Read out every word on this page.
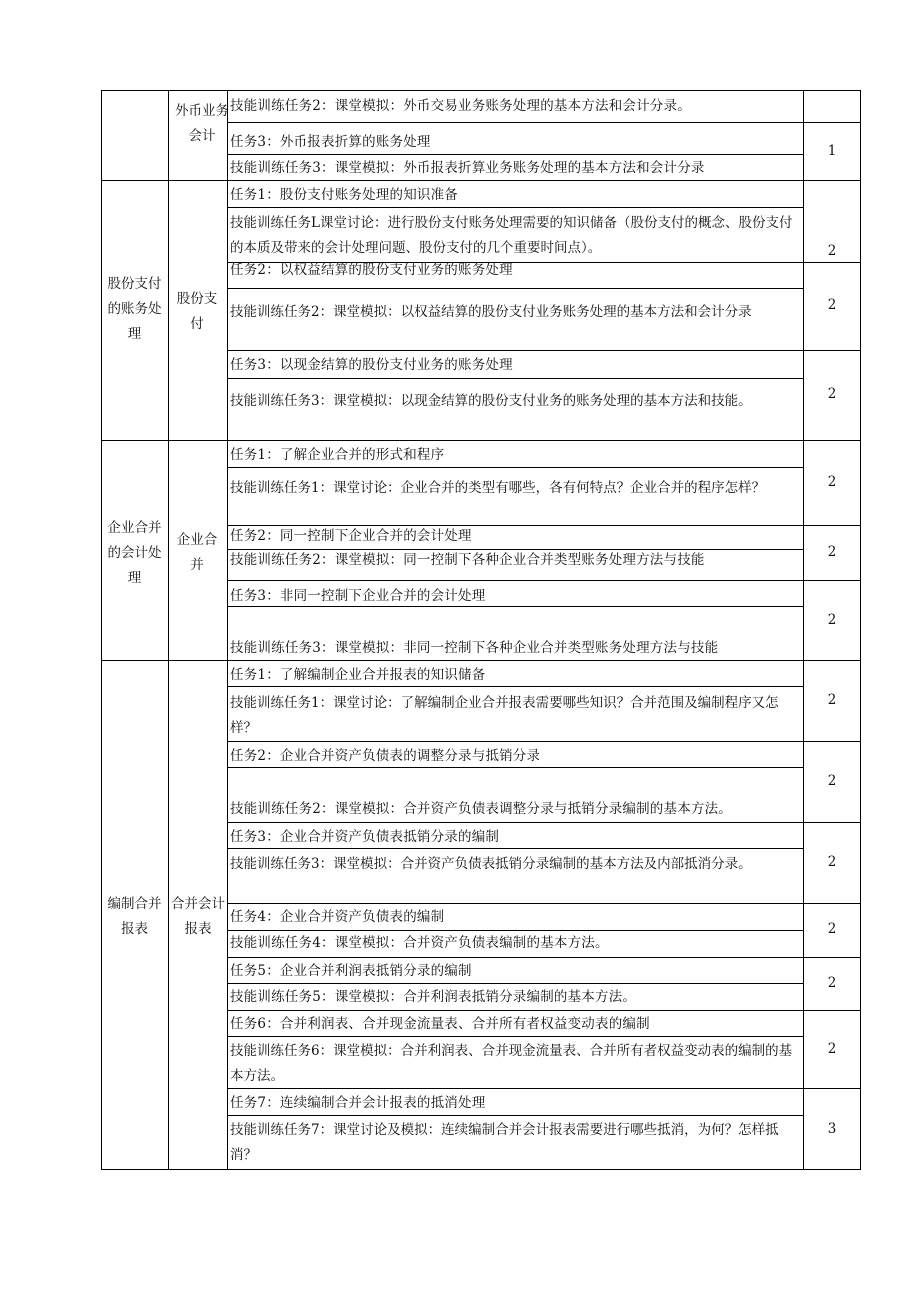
股份支付的账务处理
企业合并的会计处理
编制合并报表
外币业务会计
股份支付
企业合并
合并会计报表
技能训练任务2：课堂模拟：外币交易业务账务处理的基本方法和会计分录。
任务3：外币报表折算的账务处理
技能训练任务3：课堂模拟：外币报表折算业务账务处理的基本方法和会计分录
任务1：股份支付账务处理的知识准备
技能训练任务L课堂讨论：进行股份支付账务处理需要的知识储备（股份支付的概念、股份支付的本质及带来的会计处理问题、股份支付的几个重要时间点）。
任务2：以权益结算的股份支付业务的账务处理
技能训练任务2：课堂模拟：以权益结算的股份支付业务账务处理的基本方法和会计分录
任务3：以现金结算的股份支付业务的账务处理
技能训练任务3：课堂模拟：以现金结算的股份支付业务的账务处理的基本方法和技能。
任务1：了解企业合并的形式和程序
技能训练任务1：课堂讨论：企业合并的类型有哪些，各有何特点？企业合并的程序怎样？
任务2：同一控制下企业合并的会计处理
技能训练任务2：课堂模拟：同一控制下各种企业合并类型账务处理方法与技能
任务3：非同一控制下企业合并的会计处理
技能训练任务3：课堂模拟：非同一控制下各种企业合并类型账务处理方法与技能
任务1：了解编制企业合并报表的知识储备
技能训练任务1：课堂讨论：了解编制企业合并报表需要哪些知识？合并范围及编制程序又怎样？
任务2：企业合并资产负债表的调整分录与抵销分录
技能训练任务2：课堂模拟：合并资产负债表调整分录与抵销分录编制的基本方法。
任务3：企业合并资产负债表抵销分录的编制
技能训练任务3：课堂模拟：合并资产负债表抵销分录编制的基本方法及内部抵消分录。
任务4：企业合并资产负债表的编制
技能训练任务4：课堂模拟：合并资产负债表编制的基本方法。
任务5：企业合并利润表抵销分录的编制
技能训练任务5：课堂模拟：合并利润表抵销分录编制的基本方法。
任务6：合并利润表、合并现金流量表、合并所有者权益变动表的编制
技能训练任务6：课堂模拟：合并利润表、合并现金流量表、合并所有者权益变动表的编制的基本方法。
任务7：连续编制合并会计报表的抵消处理
技能训练任务7：课堂讨论及模拟：连续编制合并会计报表需要进行哪些抵消，为何？怎样抵消？
1
2
2
2
2
2
2
2
2
2
2
2
2
3
